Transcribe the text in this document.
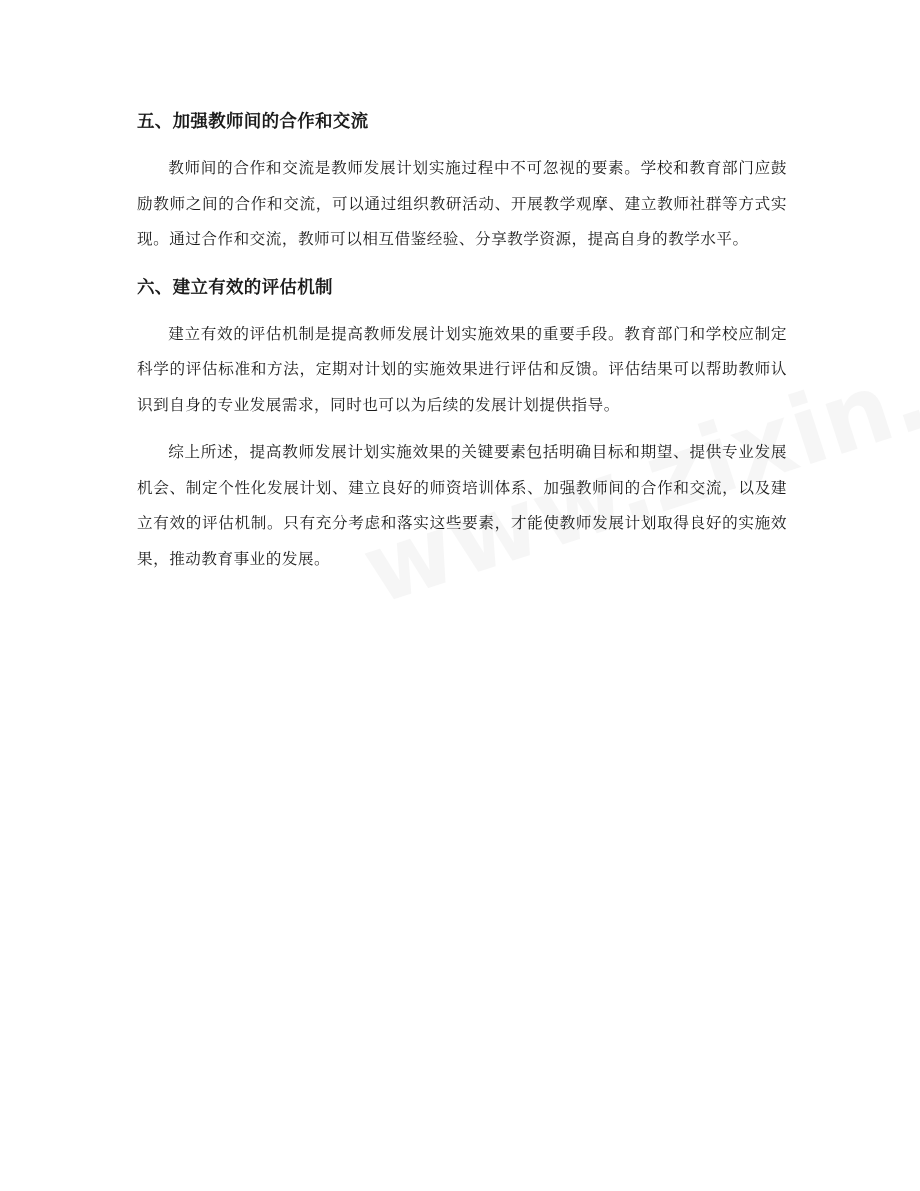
五、加强教师间的合作和交流

教师间的合作和交流是教师发展计划实施过程中不可忽视的要素。学校和教育部门应鼓励教师之间的合作和交流，可以通过组织教研活动、开展教学观摩、建立教师社群等方式实现。通过合作和交流，教师可以相互借鉴经验、分享教学资源，提高自身的教学水平。

六、建立有效的评估机制

建立有效的评估机制是提高教师发展计划实施效果的重要手段。教育部门和学校应制定科学的评估标准和方法，定期对计划的实施效果进行评估和反馈。评估结果可以帮助教师认识到自身的专业发展需求，同时也可以为后续的发展计划提供指导。

综上所述，提高教师发展计划实施效果的关键要素包括明确目标和期望、提供专业发展机会、制定个性化发展计划、建立良好的师资培训体系、加强教师间的合作和交流，以及建立有效的评估机制。只有充分考虑和落实这些要素，才能使教师发展计划取得良好的实施效果，推动教育事业的发展。
